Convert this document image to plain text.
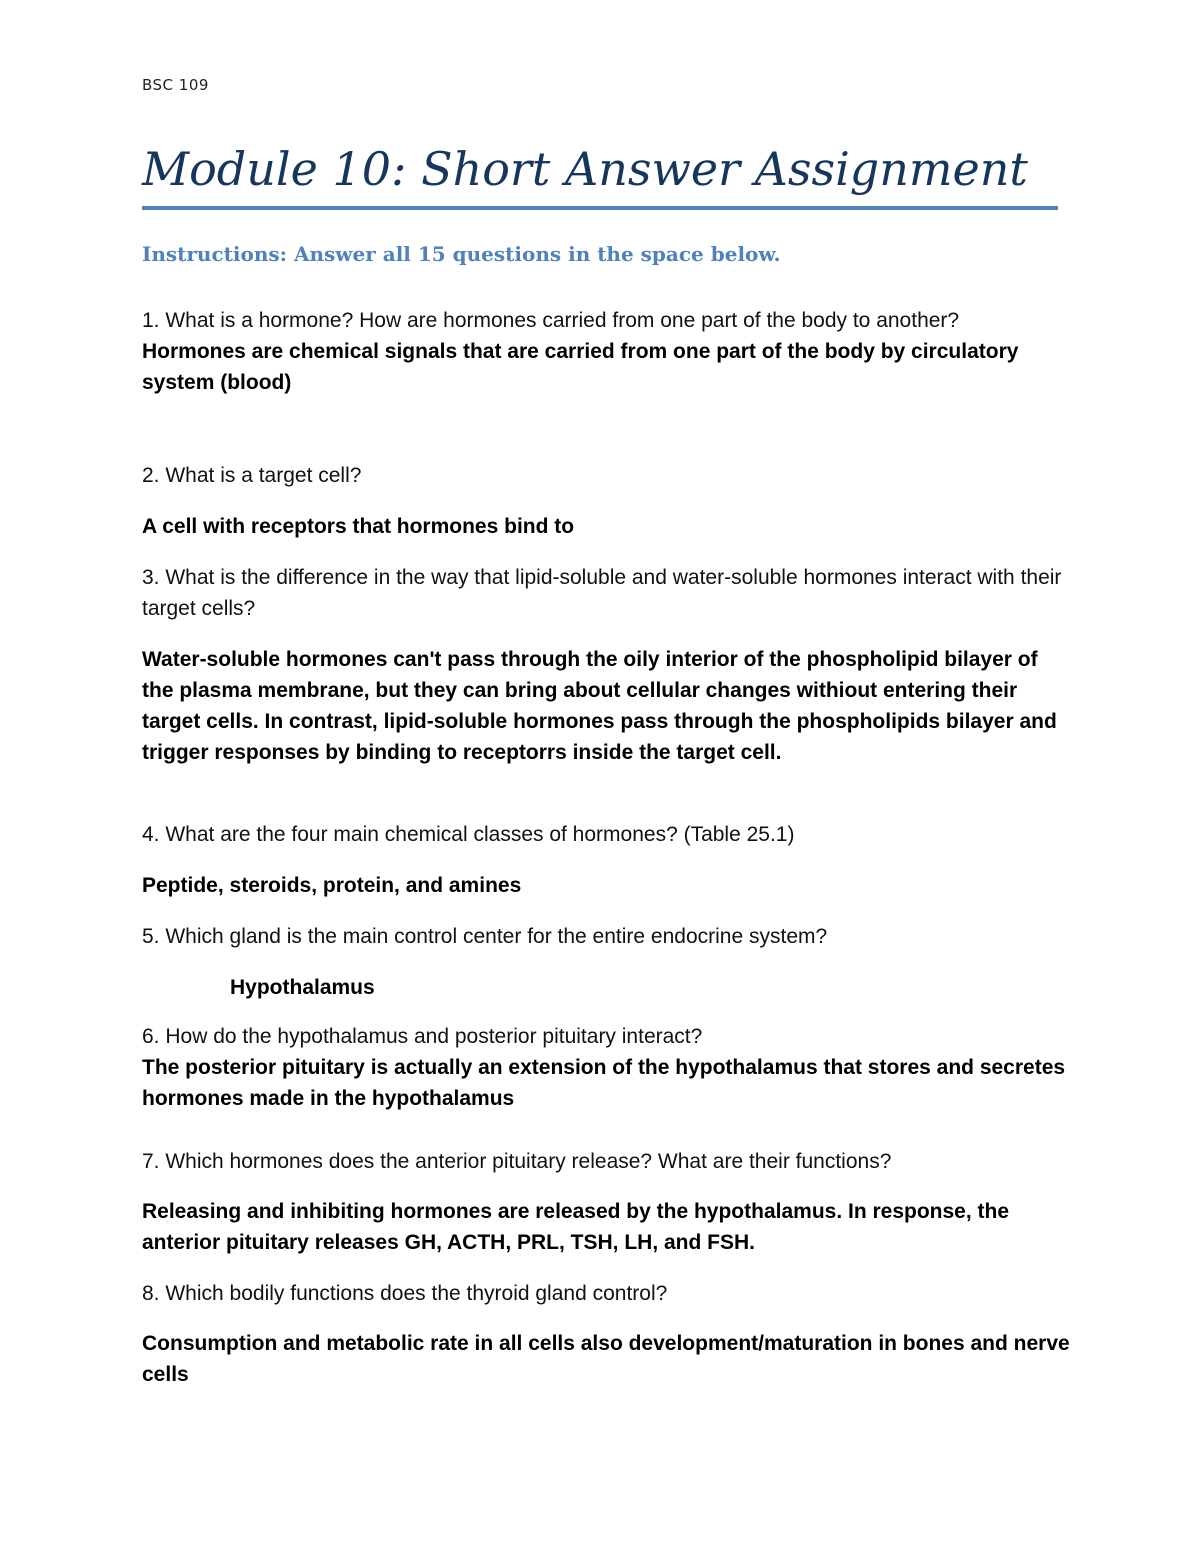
BSC 109
Module 10: Short Answer Assignment
Instructions: Answer all 15 questions in the space below.
1. What is a hormone? How are hormones carried from one part of the body to another?
Hormones are chemical signals that are carried from one part of the body by circulatory system (blood)
2. What is a target cell?
A cell with receptors that hormones bind to
3. What is the difference in the way that lipid-soluble and water-soluble hormones interact with their target cells?
Water-soluble hormones can't pass through the oily interior of the phospholipid bilayer of the plasma membrane, but they can bring about cellular changes withiout entering their target cells. In contrast, lipid-soluble hormones pass through the phospholipids bilayer and trigger responses by binding to receptorrs inside the target cell.
4. What are the four main chemical classes of hormones? (Table 25.1)
Peptide, steroids, protein, and amines
5. Which gland is the main control center for the entire endocrine system?
Hypothalamus
6. How do the hypothalamus and posterior pituitary interact?
The posterior pituitary is actually an extension of the hypothalamus that stores and secretes hormones made in the hypothalamus
7. Which hormones does the anterior pituitary release? What are their functions?
Releasing and inhibiting hormones are released by the hypothalamus. In response, the anterior pituitary releases GH, ACTH, PRL, TSH, LH, and FSH.
8. Which bodily functions does the thyroid gland control?
Consumption and metabolic rate in all cells also development/maturation in bones and nerve cells
